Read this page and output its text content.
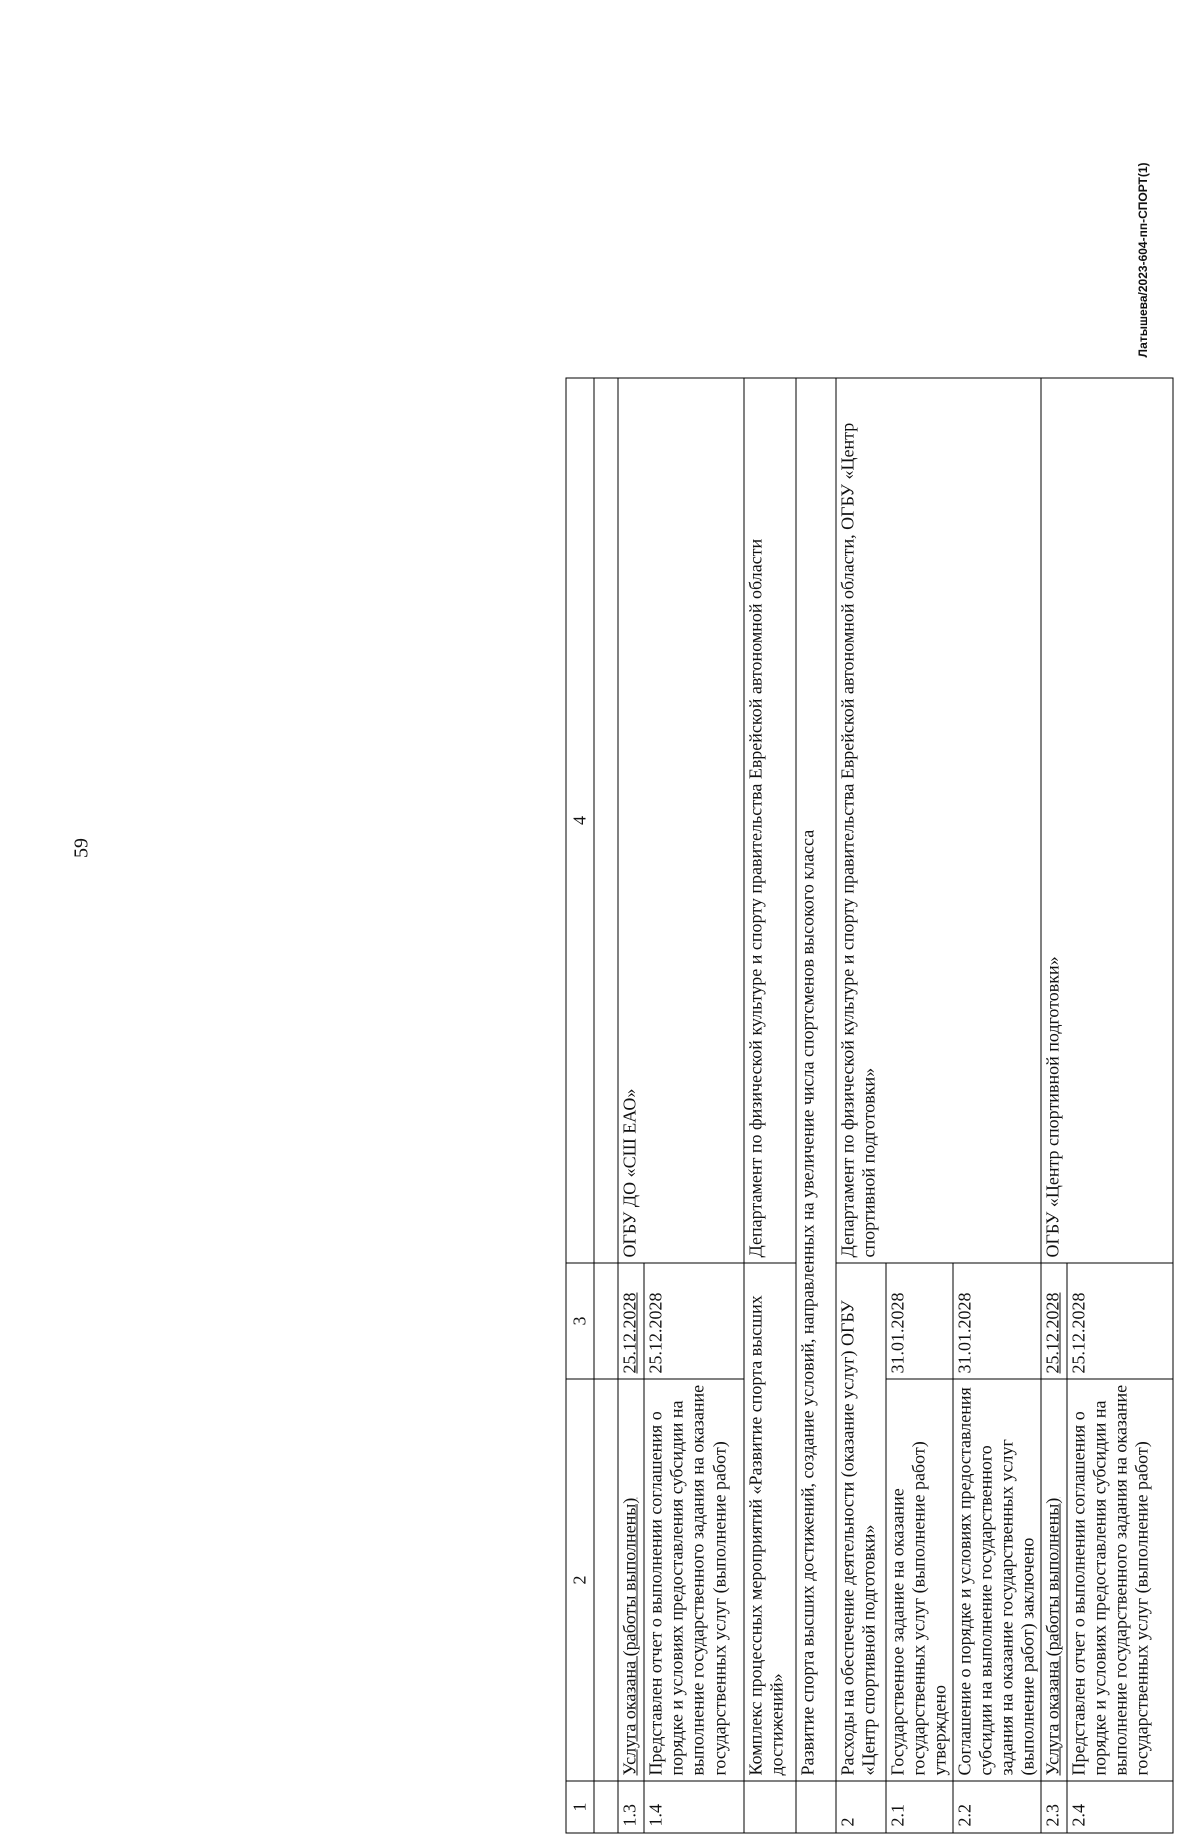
59
Латышева/2023-604-пп-СПОРТ(1)
1	2	3	4

1.3	Услуга оказана (работы выполнены)	25.12.2028	ОГБУ ДО «СШ ЕАО»
1.4	Представлен отчет о выполнении соглашения о порядке и условиях предоставления субсидии на выполнение государственного задания на оказание государственных услуг (выполнение работ)	25.12.2028	
	Комплекс процессных мероприятий «Развитие спорта высших достижений»		Департамент по физической культуре и спорту правительства Еврейской автономной области
	Развитие спорта высших достижений, создание условий, направленных на увеличение числа спортсменов высокого класса		
2	Расходы на обеспечение деятельности (оказание услуг) ОГБУ «Центр спортивной подготовки»		Департамент по физической культуре и спорту правительства Еврейской автономной области, ОГБУ «Центр спортивной подготовки»
2.1	Государственное задание на оказание государственных услуг (выполнение работ) утверждено	31.01.2028	
2.2	Соглашение о порядке и условиях предоставления субсидии на выполнение государственного задания на оказание государственных услуг (выполнение работ) заключено	31.01.2028	
2.3	Услуга оказана (работы выполнены)	25.12.2028	ОГБУ «Центр спортивной подготовки»
2.4	Представлен отчет о выполнении соглашения о порядке и условиях предоставления субсидии на выполнение государственного задания на оказание государственных услуг (выполнение работ)	25.12.2028	
